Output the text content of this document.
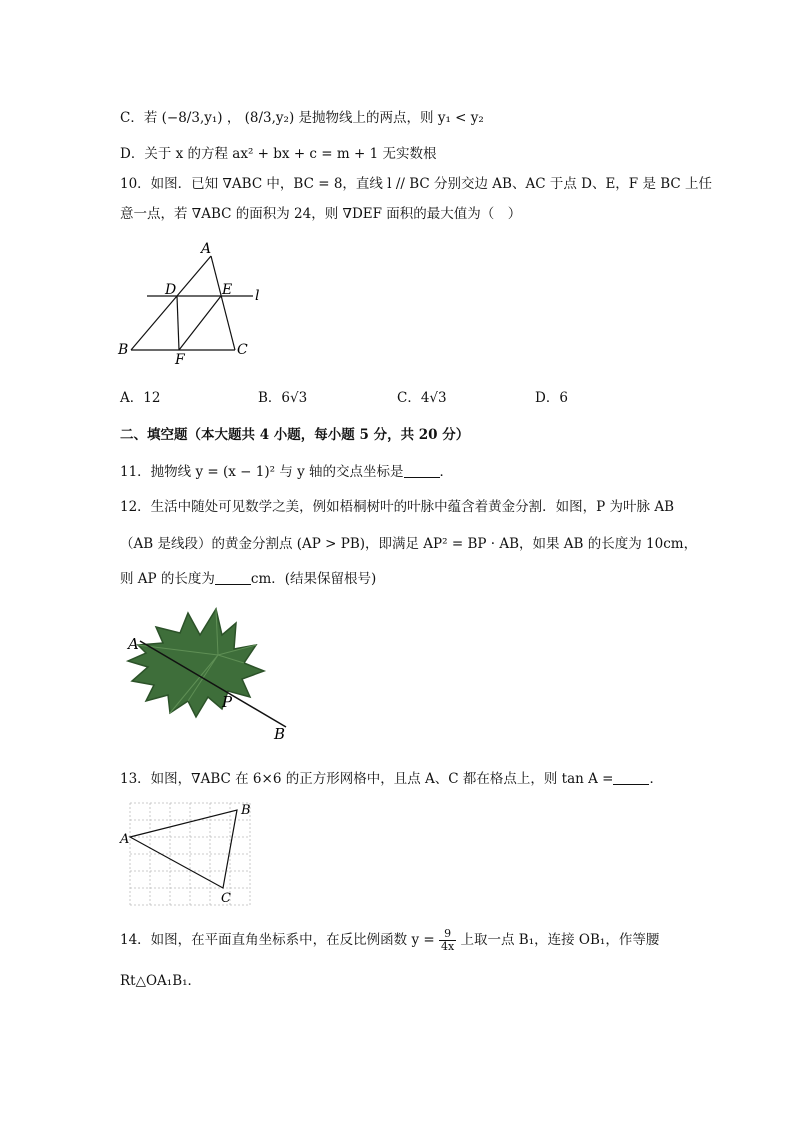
C．若 (−8/3,y₁) ， (8/3,y₂) 是抛物线上的两点，则 y₁ < y₂
D．关于 x 的方程 ax² + bx + c = m + 1 无实数根
10．如图．已知 ∇ABC 中，BC = 8，直线 l // BC 分别交边 AB、AC 于点 D、E，F 是 BC 上任
意一点，若 ∇ABC 的面积为 24，则 ∇DEF 面积的最大值为（　）
A
D	E l
B
F
C
A．12	B．6√3	C．4√3	D．6
二、填空题（本大题共 4 小题，每小题 5 分，共 20 分）
11．抛物线 y = (x − 1)² 与 y 轴的交点坐标是	．
12．生活中随处可见数学之美，例如梧桐树叶的叶脉中蕴含着黄金分割．如图，P 为叶脉 AB
（AB 是线段）的黄金分割点 (AP > PB)，即满足 AP² = BP · AB，如果 AB 的长度为 10cm，
则 AP 的长度为	cm．(结果保留根号)
A
P
B
13．如图，∇ABC 在 6×6 的正方形网格中，且点 A、C 都在格点上，则 tan A =	．
A
B
C
14．如图，在平面直角坐标系中，在反比例函数 $y = \frac{9}{4x}$ 上取一点 B₁，连接 OB₁，作等腰
Rt△OA₁B₁．
